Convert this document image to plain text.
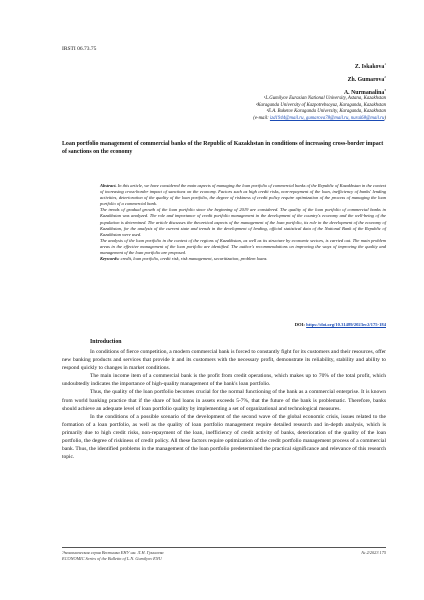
IRSTI 06.73.75
Z. Iskakova$^1$
Zh. Gumarova$^2$
A. Nurmanalina$^3$
¹L.Gumilyov Eurasian National University, Astana, Kazakhstan
²Karaganda University of Kazpotrebsoyuz, Karaganda, Kazakhstan
³E.A. Buketov Karaganda University, Karaganda, Kazakhstan
(e-mail: izd1944@mail.ru, gumarova78@mail.ru, nurai68@mail.ru)
Loan portfolio management of commercial banks of the Republic of Kazakhstan in conditions of increasing cross-border impact of sanctions on the economy
Abstract. In this article, we have considered the main aspects of managing the loan portfolio of commercial banks of the Republic of Kazakhstan in the context of increasing cross-border impact of sanctions on the economy. Factors such as high credit risks, non-repayment of the loan, inefficiency of banks' lending activities, deterioration of the quality of the loan portfolio, the degree of riskiness of credit policy require optimization of the process of managing the loan portfolio of a commercial bank.
The trends of gradual growth of the loan portfolio since the beginning of 2019 are considered. The quality of the loan portfolio of commercial banks in Kazakhstan was analyzed. The role and importance of credit portfolio management in the development of the country's economy and the well-being of the population is determined. The article discusses the theoretical aspects of the management of the loan portfolio, its role in the development of the economy of Kazakhstan, for the analysis of the current state and trends in the development of lending, official statistical data of the National Bank of the Republic of Kazakhstan were used.
The analysis of the loan portfolio in the context of the regions of Kazakhstan, as well as its structure by economic sectors, is carried out. The main problem areas in the effective management of the loan portfolio are identified. The author's recommendations on improving the ways of improving the quality and management of the loan portfolio are proposed.
Keywords: credit, loan portfolio, credit risk, risk management, securitization, problem loans.
DOI: https://doi.org/10.31489/2023ec2/175-184
Introduction

In conditions of fierce competition, a modern commercial bank is forced to constantly fight for its customers and their resources, offer new banking products and services that provide it and its customers with the necessary profit, demonstrate its reliability, stability and ability to respond quickly to changes in market conditions.

The main income item of a commercial bank is the profit from credit operations, which makes up to 70% of the total profit, which undoubtedly indicates the importance of high-quality management of the bank's loan portfolio.

Thus, the quality of the loan portfolio becomes crucial for the normal functioning of the bank as a commercial enterprise. It is known from world banking practice that if the share of bad loans in assets exceeds 5-7%, that the future of the bank is problematic. Therefore, banks should achieve an adequate level of loan portfolio quality by implementing a set of organizational and technological measures.

In the conditions of a possible scenario of the development of the second wave of the global economic crisis, issues related to the formation of a loan portfolio, as well as the quality of loan portfolio management require detailed research and in-depth analysis, which is primarily due to high credit risks, non-repayment of the loan, inefficiency of credit activity of banks, deterioration of the quality of the loan portfolio, the degree of riskiness of credit policy. All these factors require optimization of the credit portfolio management process of a commercial bank. Thus, the identified problems in the management of the loan portfolio predetermined the practical significance and relevance of this research topic.

Экономическая серия Вестника ЕНУ им. Л.Н. Гумилева
ECONOMIC Series of the Bulletin of L.N. Gumilyov ENU
№ 2/2023 175
